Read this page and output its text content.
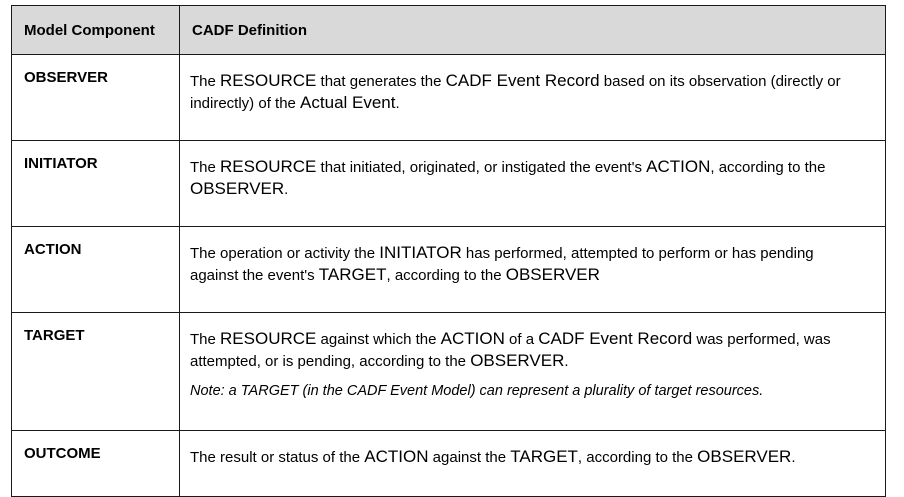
Model Component	CADF Definition

OBSERVER	The RESOURCE that generates the CADF Event Record based on its observation (directly or indirectly) of the Actual Event.

INITIATOR	The RESOURCE that initiated, originated, or instigated the event's ACTION, according to the OBSERVER.

ACTION	The operation or activity the INITIATOR has performed, attempted to perform or has pending against the event's TARGET, according to the OBSERVER

TARGET	The RESOURCE against which the ACTION of a CADF Event Record was performed, was attempted, or is pending, according to the OBSERVER.
Note: a TARGET (in the CADF Event Model) can represent a plurality of target resources.

OUTCOME	The result or status of the ACTION against the TARGET, according to the OBSERVER.
